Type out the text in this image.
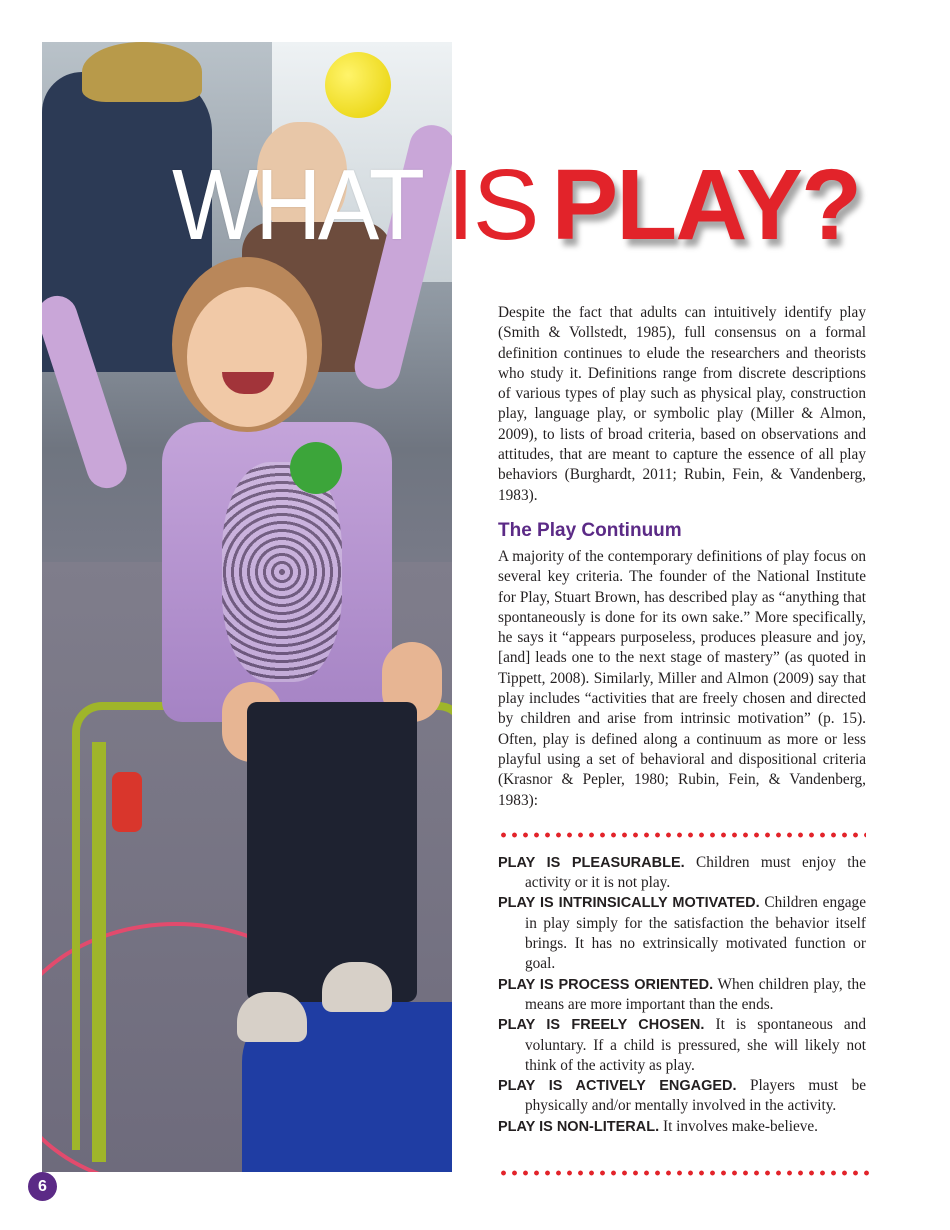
WHAT IS PLAY?

Despite the fact that adults can intuitively identify play (Smith & Vollstedt, 1985), full consensus on a formal definition continues to elude the researchers and theorists who study it. Definitions range from discrete descriptions of various types of play such as physical play, construction play, language play, or symbolic play (Miller & Almon, 2009), to lists of broad criteria, based on observations and attitudes, that are meant to capture the essence of all play behaviors (Burghardt, 2011; Rubin, Fein, & Vandenberg, 1983).

The Play Continuum

A majority of the contemporary definitions of play focus on several key criteria. The founder of the National Institute for Play, Stuart Brown, has described play as “anything that spontaneously is done for its own sake.” More specifically, he says it “appears purposeless, produces pleasure and joy, [and] leads one to the next stage of mastery” (as quoted in Tippett, 2008). Similarly, Miller and Almon (2009) say that play includes “activities that are freely chosen and directed by children and arise from intrinsic motivation” (p. 15). Often, play is defined along a continuum as more or less playful using a set of behavioral and dispositional criteria (Krasnor & Pepler, 1980; Rubin, Fein, & Vandenberg, 1983):

PLAY IS PLEASURABLE. Children must enjoy the activity or it is not play.

PLAY IS INTRINSICALLY MOTIVATED. Children engage in play simply for the satisfaction the behavior itself brings. It has no extrinsically motivated function or goal.

PLAY IS PROCESS ORIENTED. When children play, the means are more important than the ends.

PLAY IS FREELY CHOSEN. It is spontaneous and voluntary. If a child is pressured, she will likely not think of the activity as play.

PLAY IS ACTIVELY ENGAGED. Players must be physically and/or mentally involved in the activity.

PLAY IS NON-LITERAL. It involves make-believe.

6
